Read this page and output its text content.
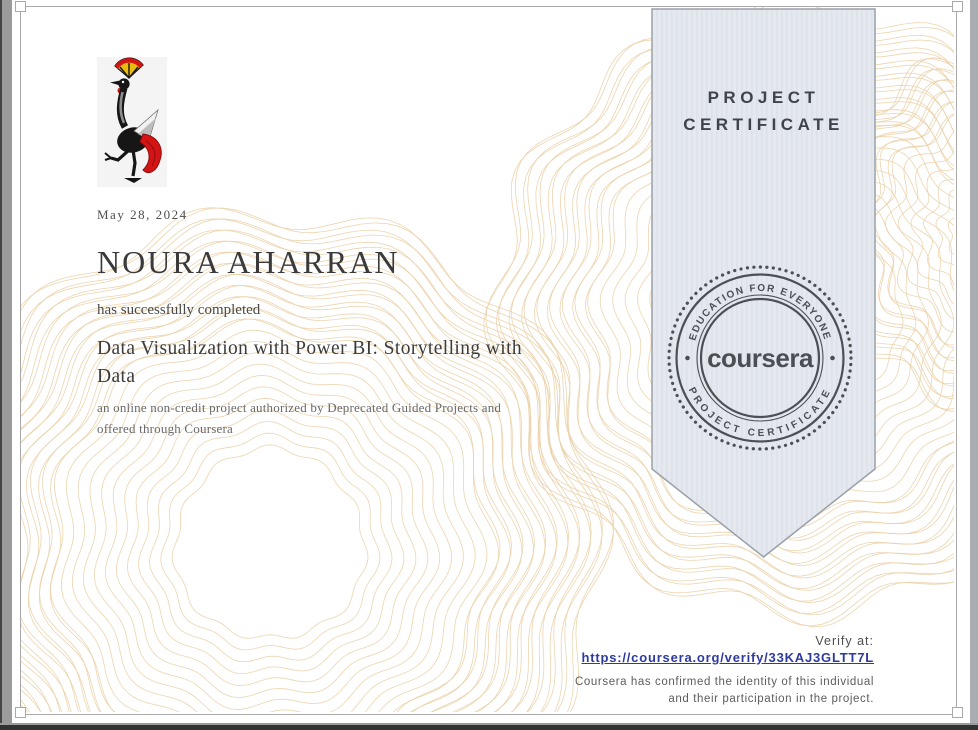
May 28, 2024
NOURA AHARRAN
has successfully completed
Data Visualization with Power BI: Storytelling with Data
an online non-credit project authorized by Deprecated Guided Projects and offered through Coursera
PROJECT
CERTIFICATE
EDUCATION FOR EVERYONE
PROJECT CERTIFICATE
coursera
Verify at:
https://coursera.org/verify/33KAJ3GLTT7L
Coursera has confirmed the identity of this individual and their participation in the project.
